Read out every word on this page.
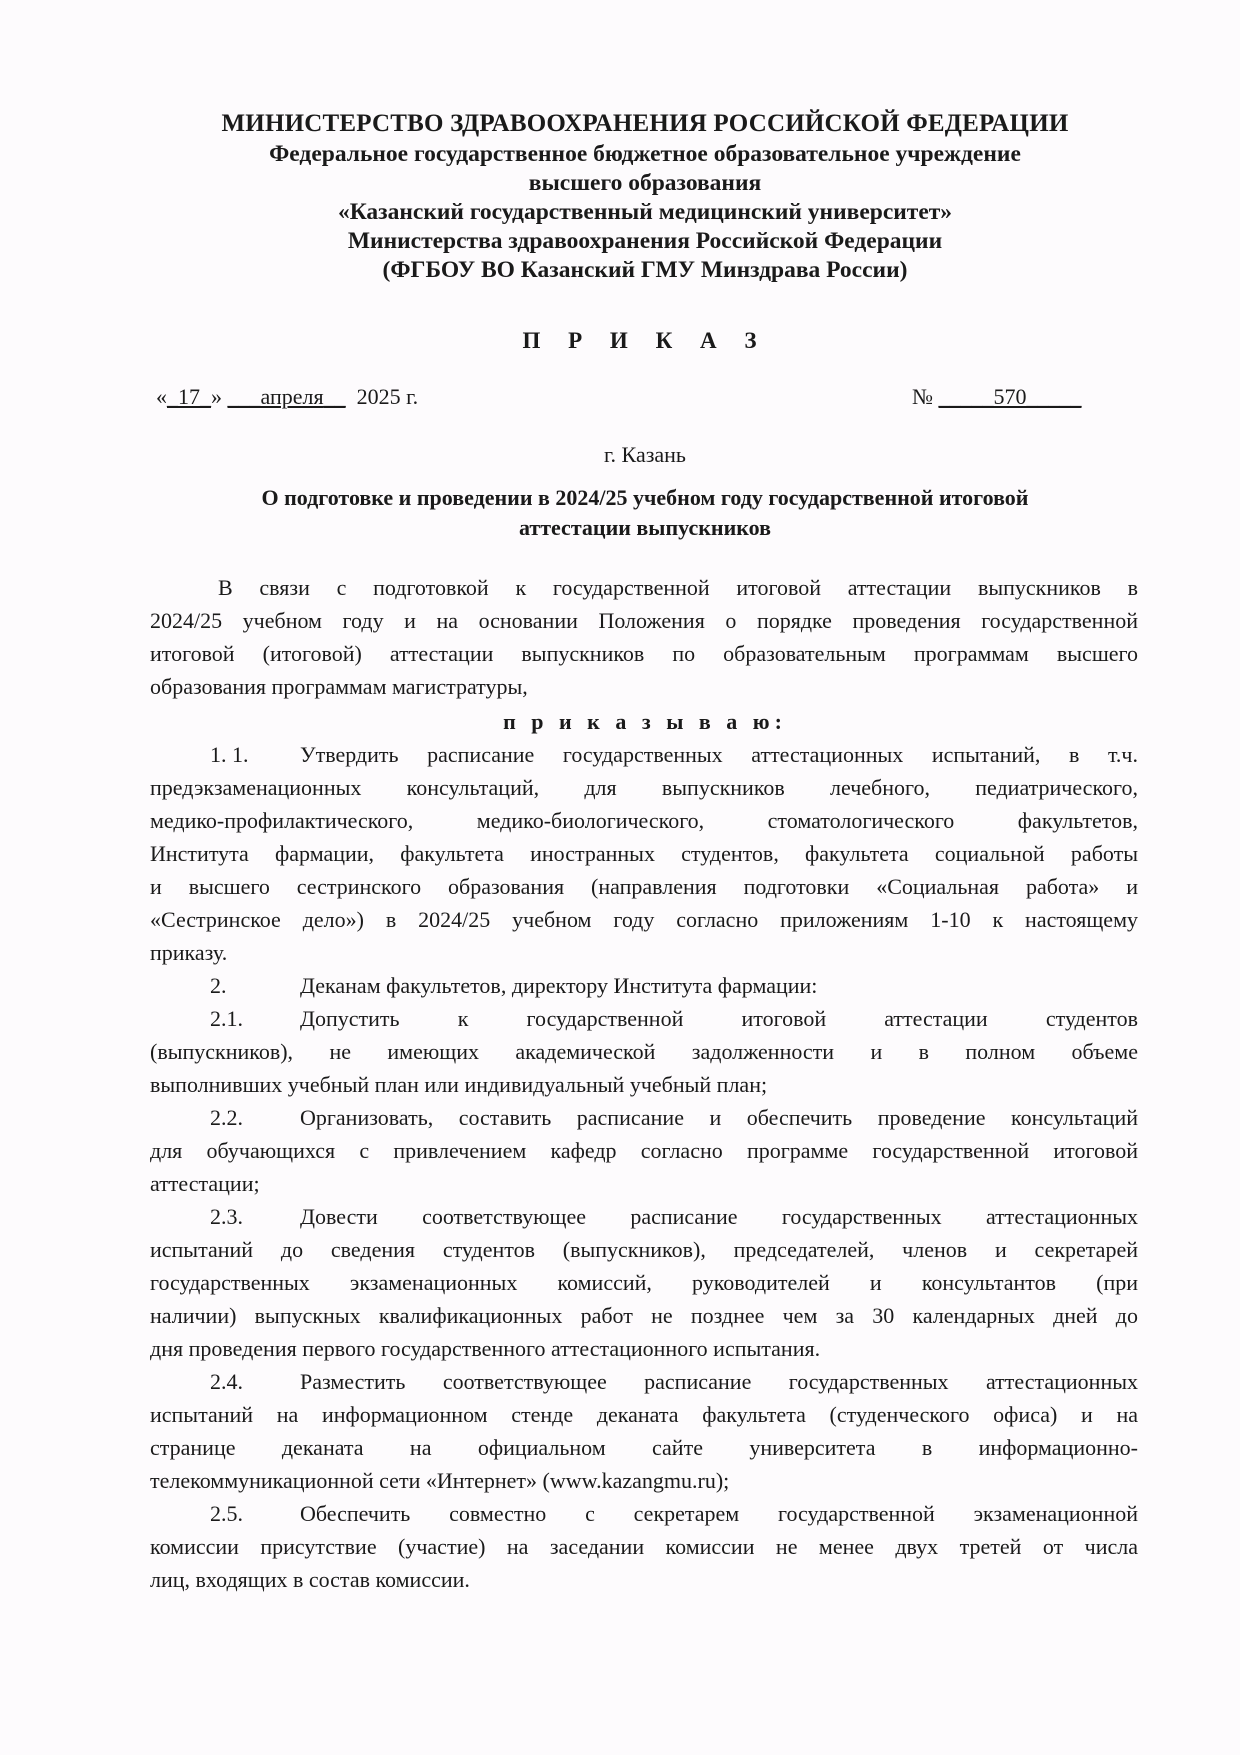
МИНИСТЕРСТВО ЗДРАВООХРАНЕНИЯ РОССИЙСКОЙ ФЕДЕРАЦИИ
Федеральное государственное бюджетное образовательное учреждение
высшего образования
«Казанский государственный медицинский университет»
Министерства здравоохранения Российской Федерации
(ФГБОУ ВО Казанский ГМУ Минздрава России)
П Р И К А З
«_17_» ___апреля__ 2025 г.	№ _____570_____
г. Казань
О подготовке и проведении в 2024/25 учебном году государственной итоговой
аттестации выпускников
В связи с подготовкой к государственной итоговой аттестации выпускников в
2024/25 учебном году и на основании Положения о порядке проведения государственной
итоговой (итоговой) аттестации выпускников по образовательным программам высшего
образования программам магистратуры,
п р и к а з ы в а ю:
1. 1. Утвердить расписание государственных аттестационных испытаний, в т.ч.
предэкзаменационных консультаций, для выпускников лечебного, педиатрического,
медико-профилактического, медико-биологического, стоматологического факультетов,
Института фармации, факультета иностранных студентов, факультета социальной работы
и высшего сестринского образования (направления подготовки «Социальная работа» и
«Сестринское дело») в 2024/25 учебном году согласно приложениям 1-10 к настоящему
приказу.
2.	Деканам факультетов, директору Института фармации:
2.1.	Допустить к государственной итоговой аттестации студентов
(выпускников), не имеющих академической задолженности и в полном объеме
выполнивших учебный план или индивидуальный учебный план;
2.2.	Организовать, составить расписание и обеспечить проведение консультаций
для обучающихся с привлечением кафедр согласно программе государственной итоговой
аттестации;
2.3.	Довести соответствующее расписание государственных аттестационных
испытаний до сведения студентов (выпускников), председателей, членов и секретарей
государственных экзаменационных комиссий, руководителей и консультантов (при
наличии) выпускных квалификационных работ не позднее чем за 30 календарных дней до
дня проведения первого государственного аттестационного испытания.
2.4.	Разместить соответствующее расписание государственных аттестационных
испытаний на информационном стенде деканата факультета (студенческого офиса) и на
странице деканата на официальном сайте университета в информационно-
телекоммуникационной сети «Интернет» (www.kazangmu.ru);
2.5.	Обеспечить совместно с секретарем государственной экзаменационной
комиссии присутствие (участие) на заседании комиссии не менее двух третей от числа
лиц, входящих в состав комиссии.
